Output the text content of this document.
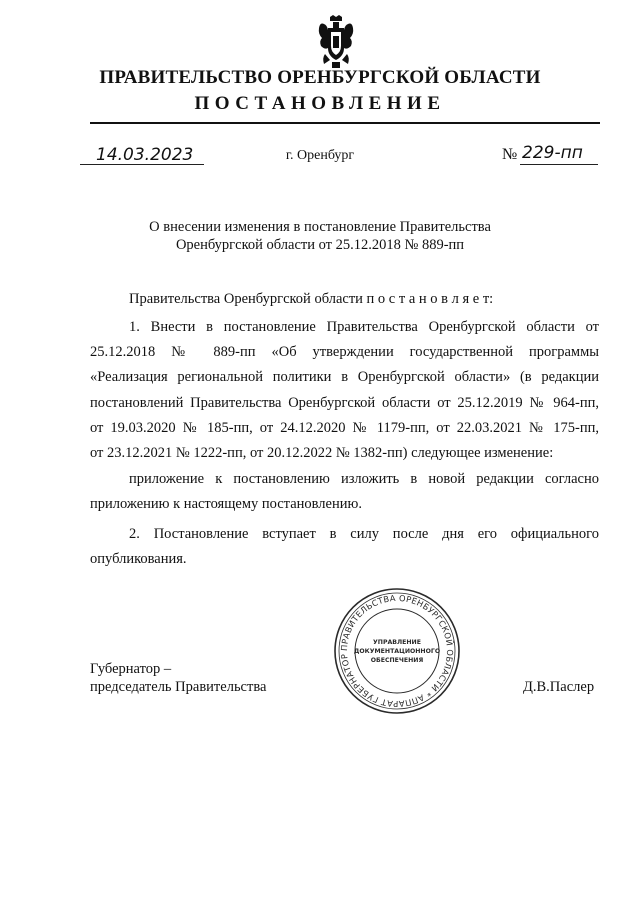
ПРАВИТЕЛЬСТВО ОРЕНБУРГСКОЙ ОБЛАСТИ
ПОСТАНОВЛЕНИЕ
14.03.2023	г. Оренбург	№ 229-пп
О внесении изменения в постановление Правительства
Оренбургской области от 25.12.2018 № 889-пп
Правительства Оренбургской области п о с т а н о в л я е т:
1. Внести в постановление Правительства Оренбургской области от
25.12.2018 № 889-пп «Об утверждении государственной программы
«Реализация региональной политики в Оренбургской области» (в редакции
постановлений Правительства Оренбургской области от 25.12.2019 № 964-пп,
от 19.03.2020 № 185-пп, от 24.12.2020 № 1179-пп, от 22.03.2021 № 175-пп,
от 23.12.2021 № 1222-пп, от 20.12.2022 № 1382-пп) следующее изменение:
приложение к постановлению изложить в новой редакции согласно
приложению к настоящему постановлению.
2. Постановление вступает в силу после дня его официального
опубликования.
Губернатор –
председатель Правительства	Д.В.Паслер
ПРАВИТЕЛЬСТВА ОРЕНБУРГСКОЙ ОБЛАСТИ * АППАРАТ ГУБЕРНАТОР
УПРАВЛЕНИЕ
ДОКУМЕНТАЦИОННОГО
ОБЕСПЕЧЕНИЯ
